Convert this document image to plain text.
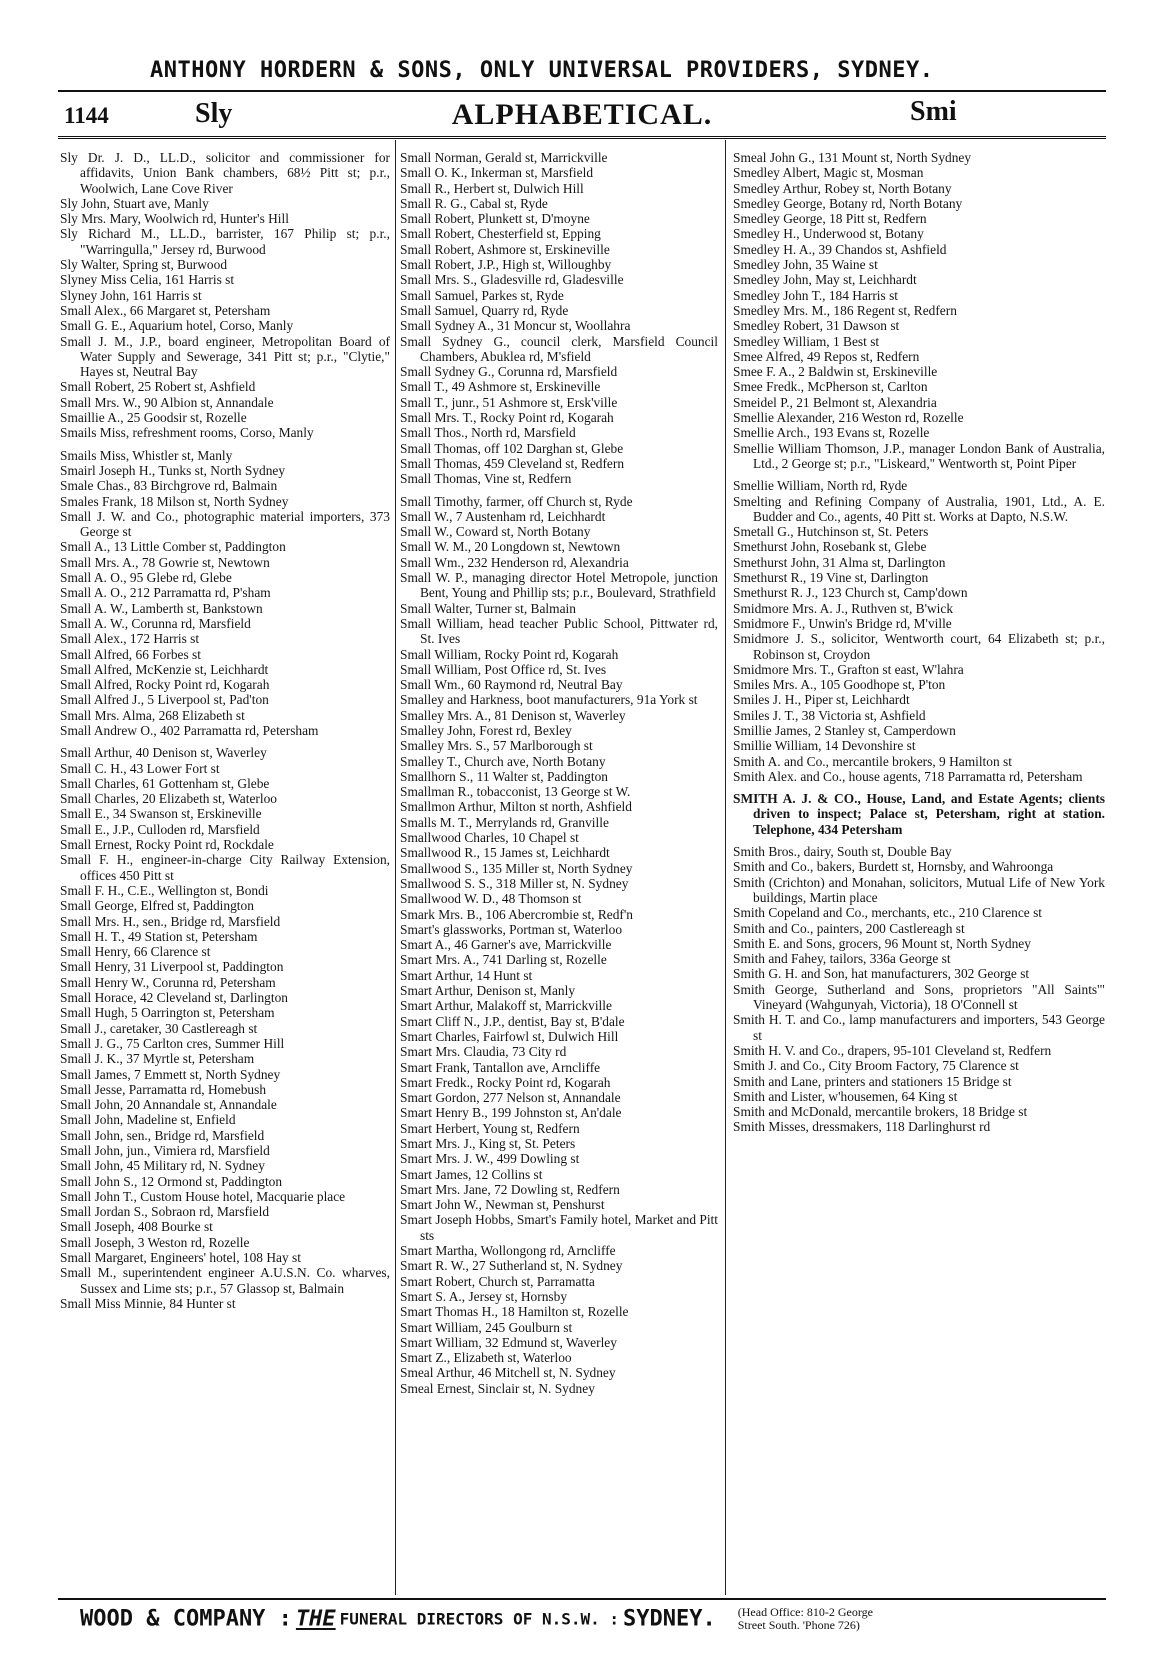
ANTHONY HORDERN & SONS, ONLY UNIVERSAL PROVIDERS, SYDNEY.
1144	Sly	ALPHABETICAL.	Smi

Sly Dr. J. D., LL.D., solicitor and commissioner for affidavits, Union Bank chambers, 68½ Pitt st; p.r., Woolwich, Lane Cove River

Sly John, Stuart ave, Manly

Sly Mrs. Mary, Woolwich rd, Hunter's Hill

Sly Richard M., LL.D., barrister, 167 Philip st; p.r., "Warringulla," Jersey rd, Burwood

Sly Walter, Spring st, Burwood

Slyney Miss Celia, 161 Harris st

Slyney John, 161 Harris st

Small Alex., 66 Margaret st, Petersham

Small G. E., Aquarium hotel, Corso, Manly

Small J. M., J.P., board engineer, Metropolitan Board of Water Supply and Sewerage, 341 Pitt st; p.r., "Clytie," Hayes st, Neutral Bay

Small Robert, 25 Robert st, Ashfield

Small Mrs. W., 90 Albion st, Annandale

Smaillie A., 25 Goodsir st, Rozelle

Smails Miss, refreshment rooms, Corso, Manly

Smails Miss, Whistler st, Manly

Smairl Joseph H., Tunks st, North Sydney

Smale Chas., 83 Birchgrove rd, Balmain

Smales Frank, 18 Milson st, North Sydney

Small J. W. and Co., photographic material importers, 373 George st

Small A., 13 Little Comber st, Paddington

Small Mrs. A., 78 Gowrie st, Newtown

Small A. O., 95 Glebe rd, Glebe

Small A. O., 212 Parramatta rd, P'sham

Small A. W., Lamberth st, Bankstown

Small A. W., Corunna rd, Marsfield

Small Alex., 172 Harris st

Small Alfred, 66 Forbes st

Small Alfred, McKenzie st, Leichhardt

Small Alfred, Rocky Point rd, Kogarah

Small Alfred J., 5 Liverpool st, Pad'ton

Small Mrs. Alma, 268 Elizabeth st

Small Andrew O., 402 Parramatta rd, Petersham

Small Arthur, 40 Denison st, Waverley

Small C. H., 43 Lower Fort st

Small Charles, 61 Gottenham st, Glebe

Small Charles, 20 Elizabeth st, Waterloo

Small E., 34 Swanson st, Erskineville

Small E., J.P., Culloden rd, Marsfield

Small Ernest, Rocky Point rd, Rockdale

Small F. H., engineer-in-charge City Railway Extension, offices 450 Pitt st

Small F. H., C.E., Wellington st, Bondi

Small George, Elfred st, Paddington

Small Mrs. H., sen., Bridge rd, Marsfield

Small H. T., 49 Station st, Petersham

Small Henry, 66 Clarence st

Small Henry, 31 Liverpool st, Paddington

Small Henry W., Corunna rd, Petersham

Small Horace, 42 Cleveland st, Darlington

Small Hugh, 5 Oarrington st, Petersham

Small J., caretaker, 30 Castlereagh st

Small J. G., 75 Carlton cres, Summer Hill

Small J. K., 37 Myrtle st, Petersham

Small James, 7 Emmett st, North Sydney

Small Jesse, Parramatta rd, Homebush

Small John, 20 Annandale st, Annandale

Small John, Madeline st, Enfield

Small John, sen., Bridge rd, Marsfield

Small John, jun., Vimiera rd, Marsfield

Small John, 45 Military rd, N. Sydney

Small John S., 12 Ormond st, Paddington

Small John T., Custom House hotel, Macquarie place

Small Jordan S., Sobraon rd, Marsfield

Small Joseph, 408 Bourke st

Small Joseph, 3 Weston rd, Rozelle

Small Margaret, Engineers' hotel, 108 Hay st

Small M., superintendent engineer A.U.S.N. Co. wharves, Sussex and Lime sts; p.r., 57 Glassop st, Balmain

Small Miss Minnie, 84 Hunter st

Small Norman, Gerald st, Marrickville

Small O. K., Inkerman st, Marsfield

Small R., Herbert st, Dulwich Hill

Small R. G., Cabal st, Ryde

Small Robert, Plunkett st, D'moyne

Small Robert, Chesterfield st, Epping

Small Robert, Ashmore st, Erskineville

Small Robert, J.P., High st, Willoughby

Small Mrs. S., Gladesville rd, Gladesville

Small Samuel, Parkes st, Ryde

Small Samuel, Quarry rd, Ryde

Small Sydney A., 31 Moncur st, Woollahra

Small Sydney G., council clerk, Marsfield Council Chambers, Abuklea rd, M'sfield

Small Sydney G., Corunna rd, Marsfield

Small T., 49 Ashmore st, Erskineville

Small T., junr., 51 Ashmore st, Ersk'ville

Small Mrs. T., Rocky Point rd, Kogarah

Small Thos., North rd, Marsfield

Small Thomas, off 102 Darghan st, Glebe

Small Thomas, 459 Cleveland st, Redfern

Small Thomas, Vine st, Redfern

Small Timothy, farmer, off Church st, Ryde

Small W., 7 Austenham rd, Leichhardt

Small W., Coward st, North Botany

Small W. M., 20 Longdown st, Newtown

Small Wm., 232 Henderson rd, Alexandria

Small W. P., managing director Hotel Metropole, junction Bent, Young and Phillip sts; p.r., Boulevard, Strathfield

Small Walter, Turner st, Balmain

Small William, head teacher Public School, Pittwater rd, St. Ives

Small William, Rocky Point rd, Kogarah

Small William, Post Office rd, St. Ives

Small Wm., 60 Raymond rd, Neutral Bay

Smalley and Harkness, boot manufacturers, 91a York st

Smalley Mrs. A., 81 Denison st, Waverley

Smalley John, Forest rd, Bexley

Smalley Mrs. S., 57 Marlborough st

Smalley T., Church ave, North Botany

Smallhorn S., 11 Walter st, Paddington

Smallman R., tobacconist, 13 George st W.

Smallmon Arthur, Milton st north, Ashfield

Smalls M. T., Merrylands rd, Granville

Smallwood Charles, 10 Chapel st

Smallwood R., 15 James st, Leichhardt

Smallwood S., 135 Miller st, North Sydney

Smallwood S. S., 318 Miller st, N. Sydney

Smallwood W. D., 48 Thomson st

Smark Mrs. B., 106 Abercrombie st, Redf'n

Smart's glassworks, Portman st, Waterloo

Smart A., 46 Garner's ave, Marrickville

Smart Mrs. A., 741 Darling st, Rozelle

Smart Arthur, 14 Hunt st

Smart Arthur, Denison st, Manly

Smart Arthur, Malakoff st, Marrickville

Smart Cliff N., J.P., dentist, Bay st, B'dale

Smart Charles, Fairfowl st, Dulwich Hill

Smart Mrs. Claudia, 73 City rd

Smart Frank, Tantallon ave, Arncliffe

Smart Fredk., Rocky Point rd, Kogarah

Smart Gordon, 277 Nelson st, Annandale

Smart Henry B., 199 Johnston st, An'dale

Smart Herbert, Young st, Redfern

Smart Mrs. J., King st, St. Peters

Smart Mrs. J. W., 499 Dowling st

Smart James, 12 Collins st

Smart Mrs. Jane, 72 Dowling st, Redfern

Smart John W., Newman st, Penshurst

Smart Joseph Hobbs, Smart's Family hotel, Market and Pitt sts

Smart Martha, Wollongong rd, Arncliffe

Smart R. W., 27 Sutherland st, N. Sydney

Smart Robert, Church st, Parramatta

Smart S. A., Jersey st, Hornsby

Smart Thomas H., 18 Hamilton st, Rozelle

Smart William, 245 Goulburn st

Smart William, 32 Edmund st, Waverley

Smart Z., Elizabeth st, Waterloo

Smeal Arthur, 46 Mitchell st, N. Sydney

Smeal Ernest, Sinclair st, N. Sydney

Smeal John G., 131 Mount st, North Sydney

Smedley Albert, Magic st, Mosman

Smedley Arthur, Robey st, North Botany

Smedley George, Botany rd, North Botany

Smedley George, 18 Pitt st, Redfern

Smedley H., Underwood st, Botany

Smedley H. A., 39 Chandos st, Ashfield

Smedley John, 35 Waine st

Smedley John, May st, Leichhardt

Smedley John T., 184 Harris st

Smedley Mrs. M., 186 Regent st, Redfern

Smedley Robert, 31 Dawson st

Smedley William, 1 Best st

Smee Alfred, 49 Repos st, Redfern

Smee F. A., 2 Baldwin st, Erskineville

Smee Fredk., McPherson st, Carlton

Smeidel P., 21 Belmont st, Alexandria

Smellie Alexander, 216 Weston rd, Rozelle

Smellie Arch., 193 Evans st, Rozelle

Smellie William Thomson, J.P., manager London Bank of Australia, Ltd., 2 George st; p.r., "Liskeard," Wentworth st, Point Piper

Smellie William, North rd, Ryde

Smelting and Refining Company of Australia, 1901, Ltd., A. E. Budder and Co., agents, 40 Pitt st. Works at Dapto, N.S.W.

Smetall G., Hutchinson st, St. Peters

Smethurst John, Rosebank st, Glebe

Smethurst John, 31 Alma st, Darlington

Smethurst R., 19 Vine st, Darlington

Smethurst R. J., 123 Church st, Camp'down

Smidmore Mrs. A. J., Ruthven st, B'wick

Smidmore F., Unwin's Bridge rd, M'ville

Smidmore J. S., solicitor, Wentworth court, 64 Elizabeth st; p.r., Robinson st, Croydon

Smidmore Mrs. T., Grafton st east, W'lahra

Smiles Mrs. A., 105 Goodhope st, P'ton

Smiles J. H., Piper st, Leichhardt

Smiles J. T., 38 Victoria st, Ashfield

Smillie James, 2 Stanley st, Camperdown

Smillie William, 14 Devonshire st

Smith A. and Co., mercantile brokers, 9 Hamilton st

Smith Alex. and Co., house agents, 718 Parramatta rd, Petersham

SMITH A. J. & CO., House, Land, and Estate Agents; clients driven to inspect; Palace st, Petersham, right at station. Telephone, 434 Petersham

Smith Bros., dairy, South st, Double Bay

Smith and Co., bakers, Burdett st, Hornsby, and Wahroonga

Smith (Crichton) and Monahan, solicitors, Mutual Life of New York buildings, Martin place

Smith Copeland and Co., merchants, etc., 210 Clarence st

Smith and Co., painters, 200 Castlereagh st

Smith E. and Sons, grocers, 96 Mount st, North Sydney

Smith and Fahey, tailors, 336a George st

Smith G. H. and Son, hat manufacturers, 302 George st

Smith George, Sutherland and Sons, proprietors "All Saints'" Vineyard (Wahgunyah, Victoria), 18 O'Connell st

Smith H. T. and Co., lamp manufacturers and importers, 543 George st

Smith H. V. and Co., drapers, 95-101 Cleveland st, Redfern

Smith J. and Co., City Broom Factory, 75 Clarence st

Smith and Lane, printers and stationers 15 Bridge st

Smith and Lister, w'housemen, 64 King st

Smith and McDonald, mercantile brokers, 18 Bridge st

Smith Misses, dressmakers, 118 Darlinghurst rd

WOOD & COMPANY : THE FUNERAL DIRECTORS OF N.S.W. : SYDNEY. (Head Office: 810-2 George
Street South. 'Phone 726)
